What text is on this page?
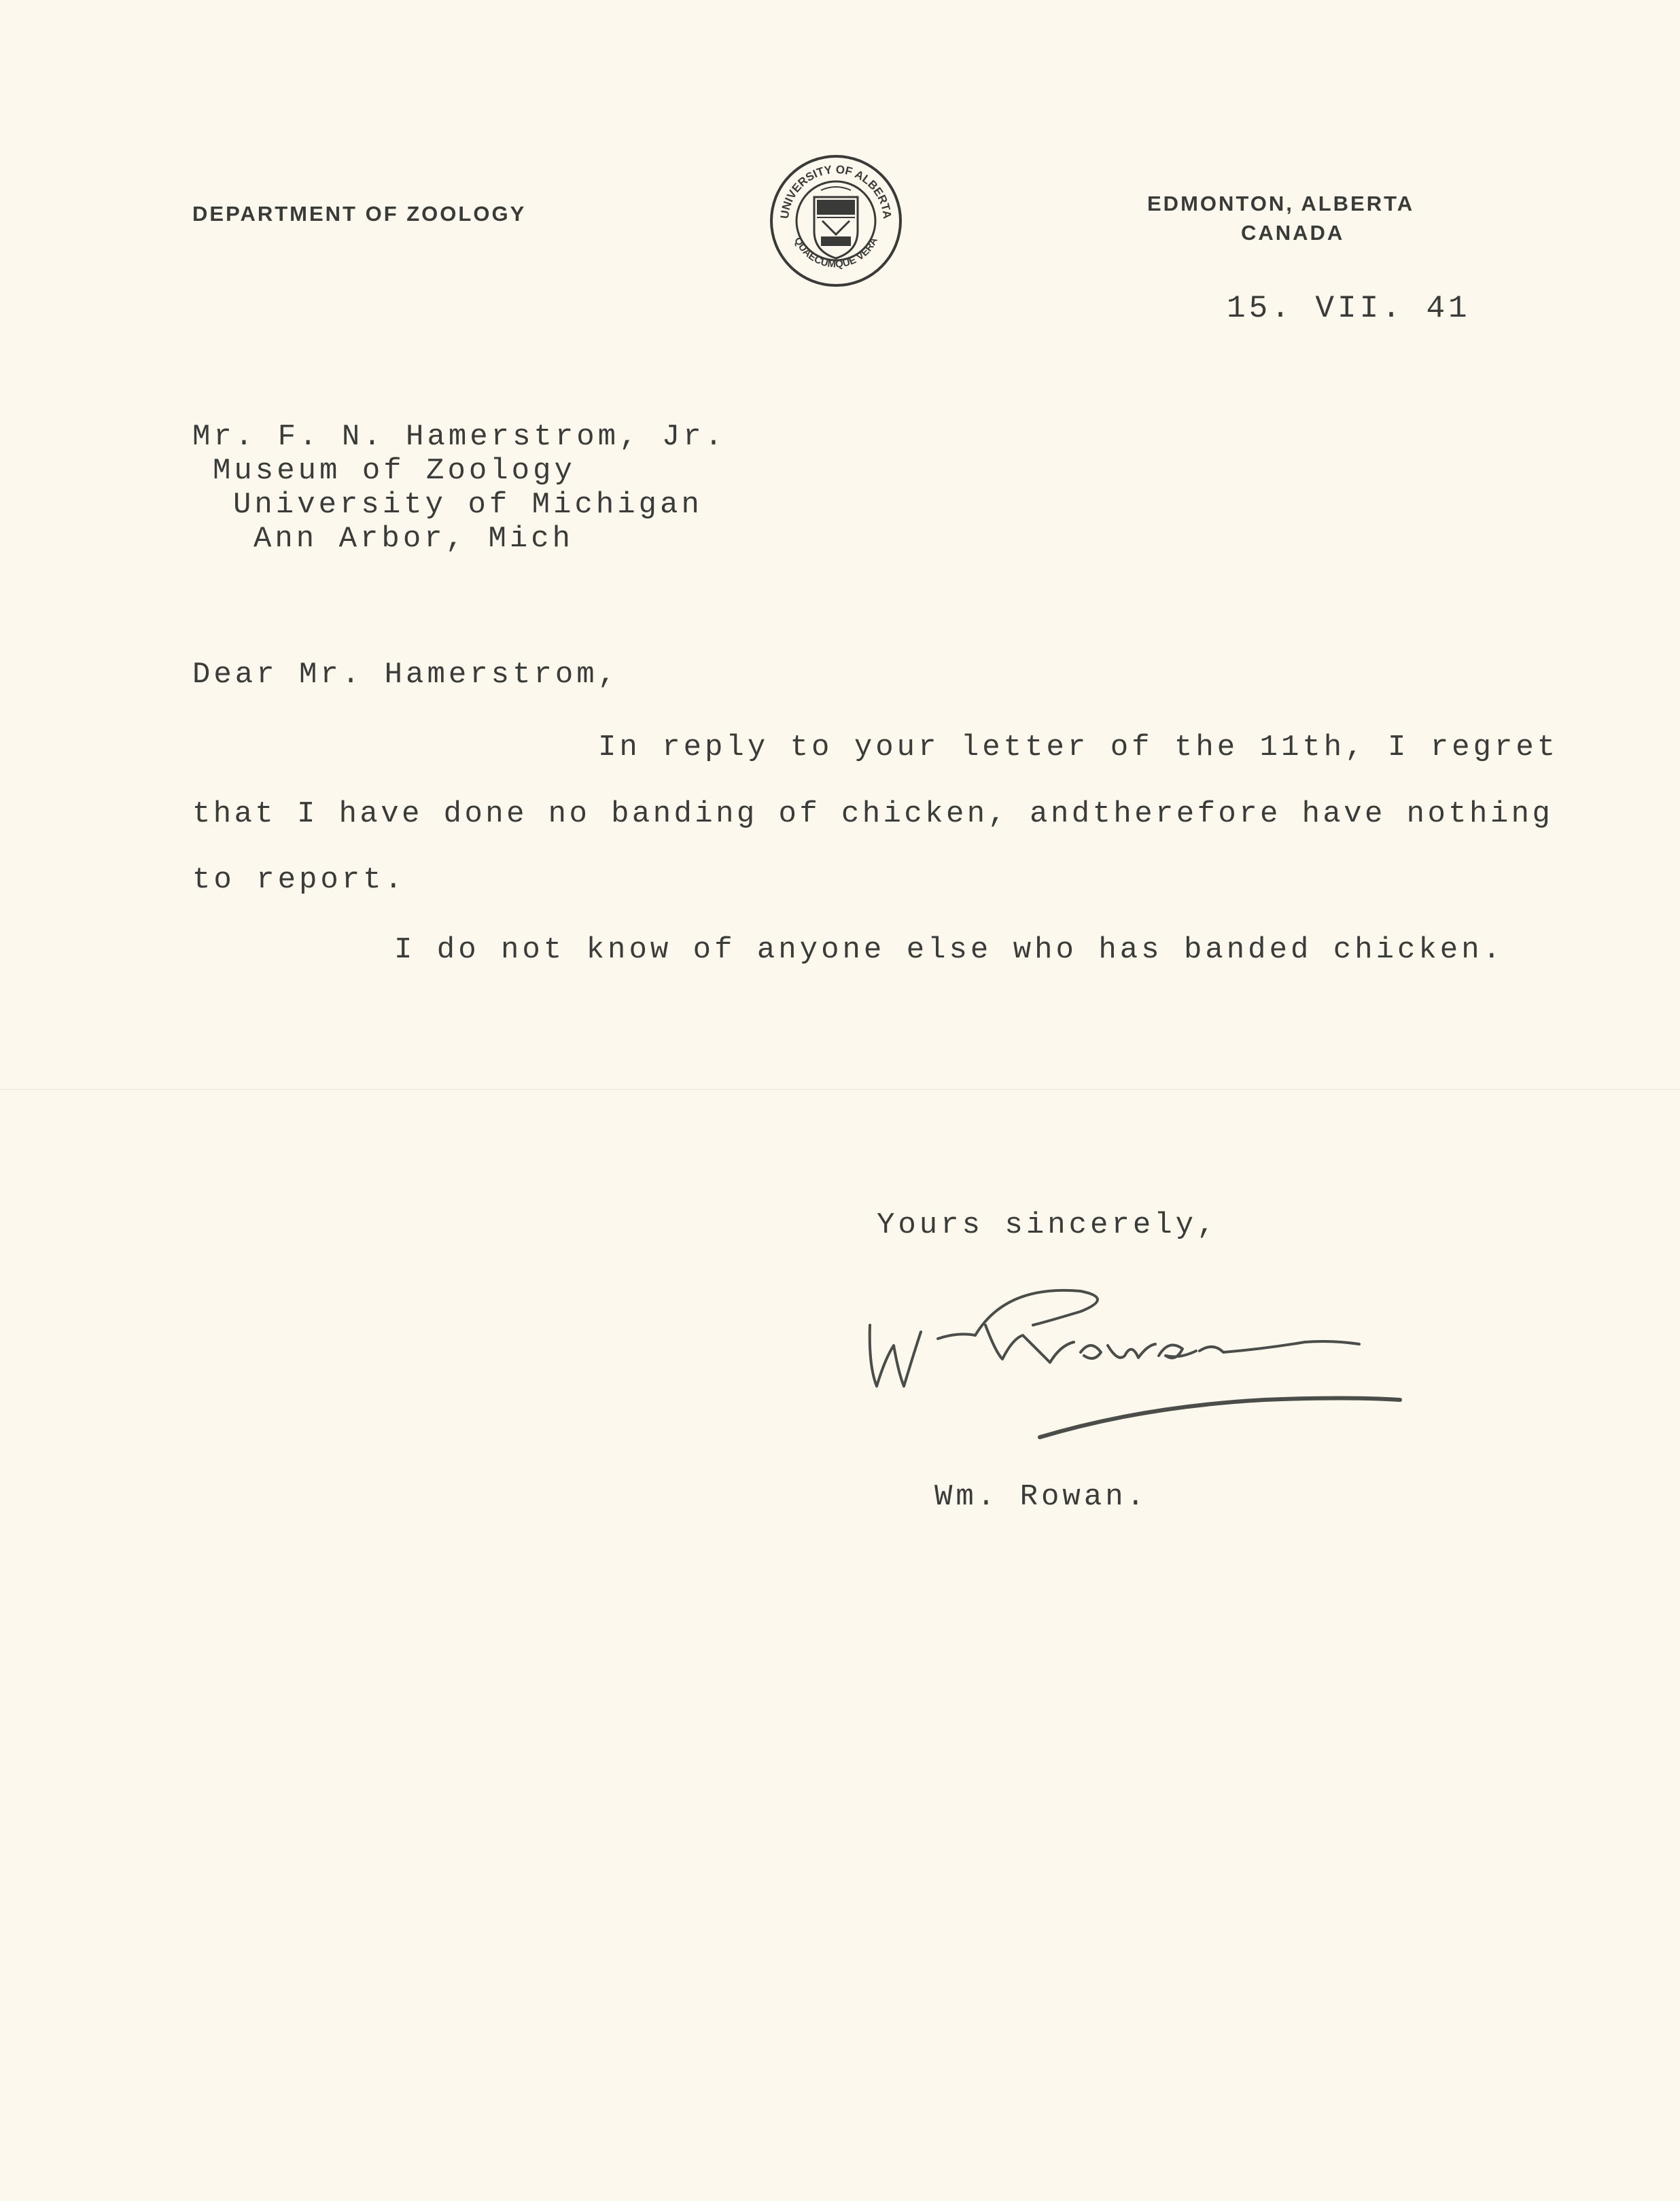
DEPARTMENT OF ZOOLOGY	UNIVERSITY OF ALBERTA
QUAECUMQUE VERA
EDMONTON, ALBERTA
CANADA
15. VII. 41
Mr. F. N. Hamerstrom, Jr.
Museum of Zoology
University of Michigan
Ann Arbor, Mich
Dear Mr. Hamerstrom,
In reply to your letter of the 11th, I regret
that I have done no banding of chicken, andtherefore have nothing
to report.
I do not know of anyone else who has banded chicken.
Yours sincerely,
Wm. Rowan.
